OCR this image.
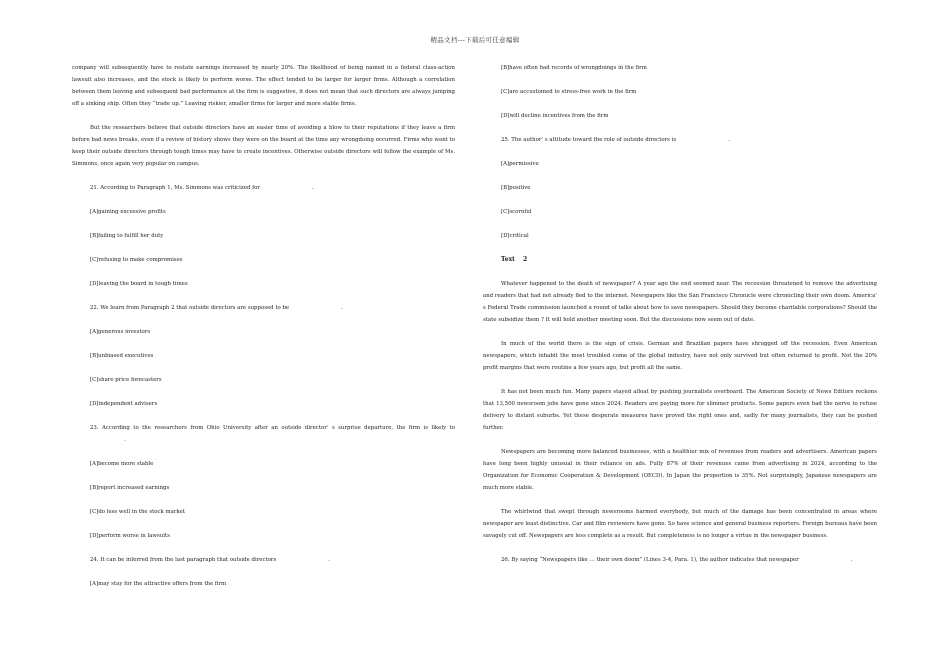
精品文档---下载后可任意编辑

company will subsequently have to restate earnings increased by nearly 20%. The likelihood of being named in a federal class-action lawsuit also increases, and the stock is likely to perform worse. The effect tended to be larger for larger firms. Although a correlation between them leaving and subsequent bad performance at the firm is suggestive, it does not mean that such directors are always jumping off a sinking ship. Often they “trade up.” Leaving riskier, smaller firms for larger and more stable firms.

But the researchers believe that outside directors have an easier time of avoiding a blow to their reputations if they leave a firm before bad news breaks, even if a review of history shows they were on the board at the time any wrongdoing occurred. Firms who want to keep their outside directors through tough times may have to create incentives. Otherwise outside directors will follow the example of Ms. Simmons, once again very popular on campus.

21. According to Paragraph 1, Ms. Simmons was criticized for	.
[A]gaining excessive profits
[B]failing to fulfill her duty
[C]refusing to make compromises
[D]leaving the board in tough times
22. We learn from Paragraph 2 that outside directors are supposed to be	.
[A]generous investors
[B]unbiased executives
[C]share price forecasters
[D]independent advisers

23. According to the researchers from Ohio University after an outside director’ s surprise departure, the firm is likely to.

[A]become more stable
[B]report increased earnings
[C]do less well in the stock market
[D]perform worse in lawsuits
24. It can be inferred from the last paragraph that outside directors	.
[A]may stay for the attractive offers from the firm
[B]have often had records of wrongdoings in the firm
[C]are accustomed to stress-free work in the firm
[D]will decline incentives from the firm
25. The author’ s attitude toward the role of outside directors is	.
[A]permissive
[B]positive
[C]scornful
[D]critical
Text 2

Whatever happened to the death of newspaper? A year ago the end seemed near. The recession threatened to remove the advertising and readers that had not already fled to the internet. Newspapers like the San Francisco Chronicle were chronicling their own doom. America’ s Federal Trade commission launched a round of talks about how to save newspapers. Should they become charitable corporations? Should the state subsidize them ? It will hold another meeting soon. But the discussions now seem out of date.

In much of the world there is the sign of crisis. German and Brazilian papers have shrugged off the recession. Even American newspapers, which inhabit the most troubled come of the global industry, have not only survived but often returned to profit. Not the 20% profit margins that were routine a few years ago, but profit all the same.

It has not been much fun. Many papers stayed afloat by pushing journalists overboard. The American Society of News Editors reckons that 13,500 newsroom jobs have gone since 2024. Readers are paying more for slimmer products. Some papers even had the nerve to refuse delivery to distant suburbs. Yet these desperate measures have proved the right ones and, sadly for many journalists, they can be pushed further.

Newspapers are becoming more balanced businesses, with a healthier mix of revenues from readers and advertisers. American papers have long been highly unusual in their reliance on ads. Fully 87% of their revenues came from advertising in 2024, according to the Organization for Economic Cooperation & Development (OECD). In Japan the proportion is 35%. Not surprisingly, Japanese newspapers are much more stable.

The whirlwind that swept through newsrooms harmed everybody, but much of the damage has been concentrated in areas where newspaper are least distinctive. Car and film reviewers have gone. So have science and general business reporters. Foreign bureaus have been savagely cut off. Newspapers are less complete as a result. But completeness is no longer a virtue in the newspaper business.

26. By saying “Newspapers like … their own doom” (Lines 3-4, Para. 1), the author indicates that newspaper	.
